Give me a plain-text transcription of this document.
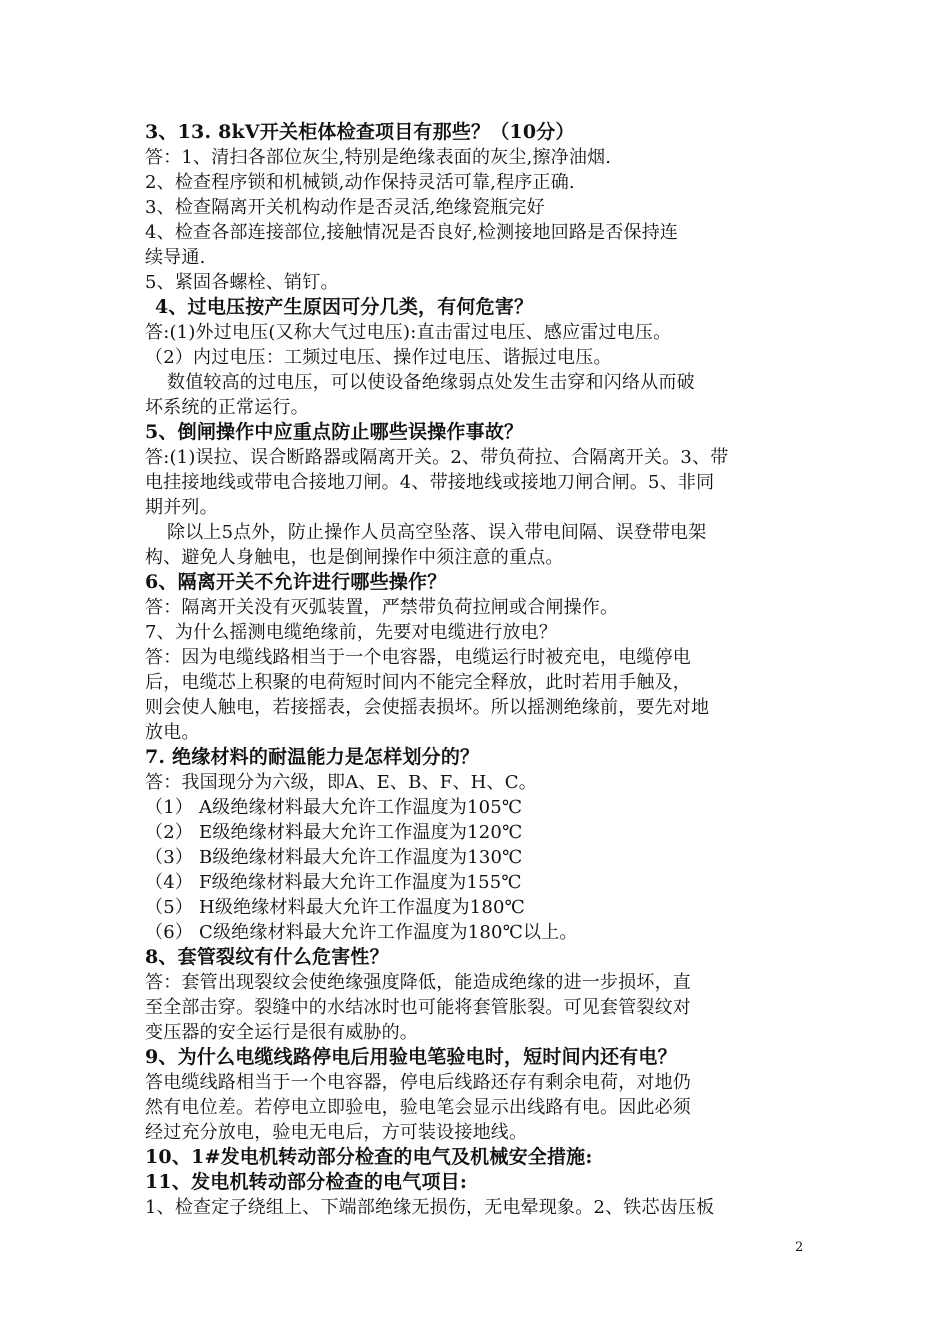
3、13. 8kV开关柜体检查项目有那些？（10分）
答：1、清扫各部位灰尘,特别是绝缘表面的灰尘,擦净油烟.
2、检查程序锁和机械锁,动作保持灵活可靠,程序正确.
3、检查隔离开关机构动作是否灵活,绝缘瓷瓶完好
4、检查各部连接部位,接触情况是否良好,检测接地回路是否保持连
续导通.
5、紧固各螺栓、销钉。
4、过电压按产生原因可分几类，有何危害？
答:(1)外过电压(又称大气过电压):直击雷过电压、感应雷过电压。
（2）内过电压：工频过电压、操作过电压、谐振过电压。
数值较高的过电压，可以使设备绝缘弱点处发生击穿和闪络从而破
坏系统的正常运行。
5、倒闸操作中应重点防止哪些误操作事故？
答:(1)误拉、误合断路器或隔离开关。2、带负荷拉、合隔离开关。3、带
电挂接地线或带电合接地刀闸。4、带接地线或接地刀闸合闸。5、非同
期并列。
除以上5点外，防止操作人员高空坠落、误入带电间隔、误登带电架
构、避免人身触电，也是倒闸操作中须注意的重点。
6、隔离开关不允许进行哪些操作？
答：隔离开关没有灭弧装置，严禁带负荷拉闸或合闸操作。
7、为什么摇测电缆绝缘前，先要对电缆进行放电？
答：因为电缆线路相当于一个电容器，电缆运行时被充电，电缆停电
后，电缆芯上积聚的电荷短时间内不能完全释放，此时若用手触及，
则会使人触电，若接摇表，会使摇表损坏。所以摇测绝缘前，要先对地
放电。
7. 绝缘材料的耐温能力是怎样划分的？
答：我国现分为六级，即A、E、B、F、H、C。
（1） A级绝缘材料最大允许工作温度为105℃
（2） E级绝缘材料最大允许工作温度为120℃
（3） B级绝缘材料最大允许工作温度为130℃
（4） F级绝缘材料最大允许工作温度为155℃
（5） H级绝缘材料最大允许工作温度为180℃
（6） C级绝缘材料最大允许工作温度为180℃以上。
8、套管裂纹有什么危害性？
答：套管出现裂纹会使绝缘强度降低，能造成绝缘的进一步损坏，直
至全部击穿。裂缝中的水结冰时也可能将套管胀裂。可见套管裂纹对
变压器的安全运行是很有威胁的。
9、为什么电缆线路停电后用验电笔验电时，短时间内还有电？
答电缆线路相当于一个电容器，停电后线路还存有剩余电荷，对地仍
然有电位差。若停电立即验电，验电笔会显示出线路有电。因此必须
经过充分放电，验电无电后，方可装设接地线。
10、1#发电机转动部分检查的电气及机械安全措施:
11、发电机转动部分检查的电气项目:
1、检查定子绕组上、下端部绝缘无损伤，无电晕现象。2、铁芯齿压板
2
